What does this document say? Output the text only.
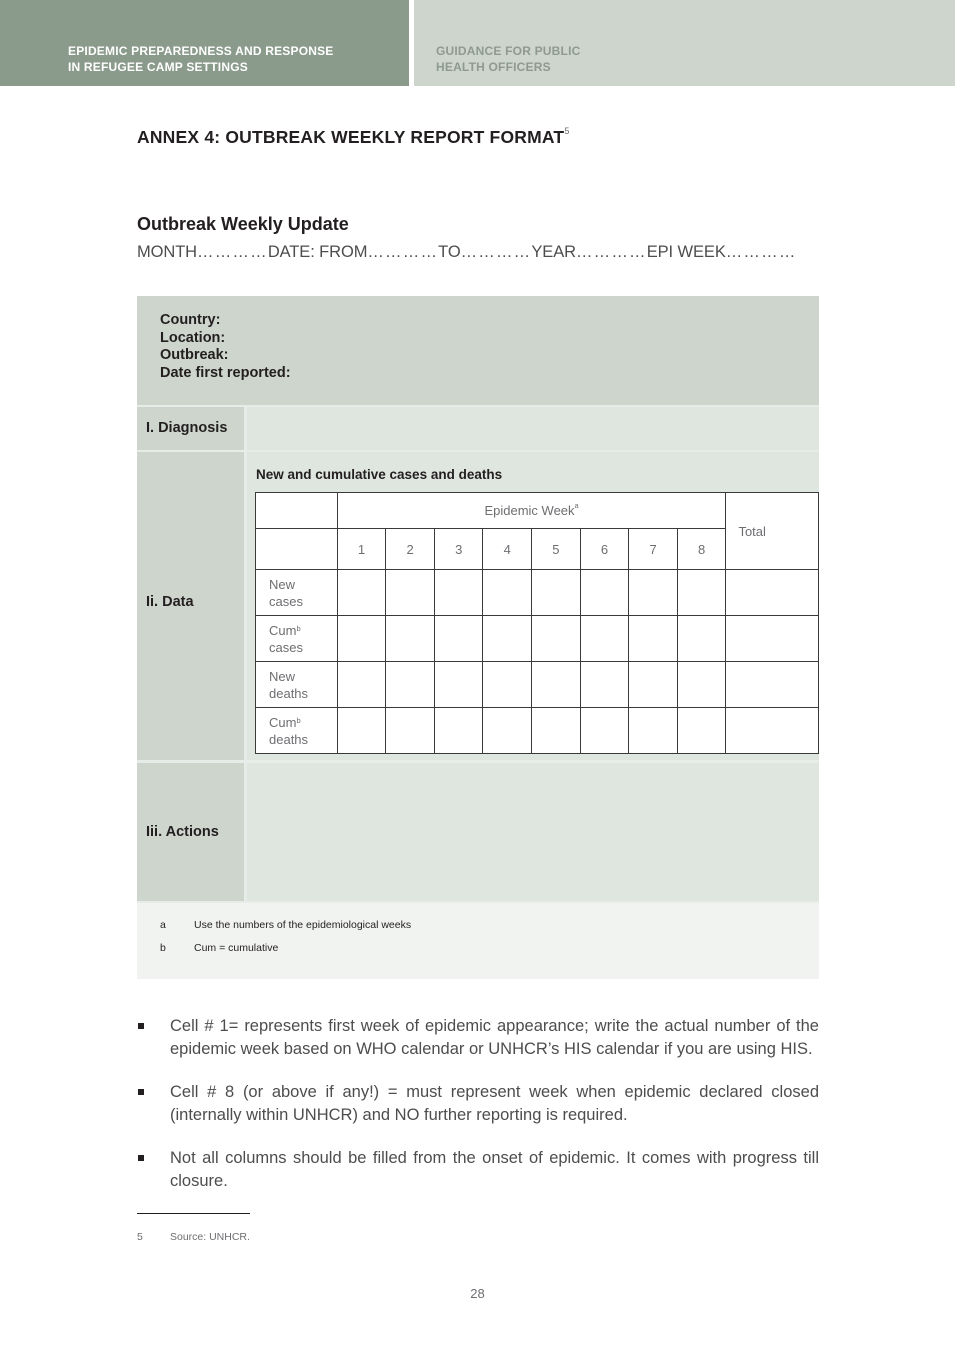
EPIDEMIC PREPAREDNESS AND RESPONSE
IN REFUGEE CAMP SETTINGS
GUIDANCE FOR PUBLIC
HEALTH OFFICERS
ANNEX 4: OUTBREAK WEEKLY REPORT FORMAT$^5$
Outbreak Weekly Update
MONTH…………DATE: FROM…………TO…………YEAR…………EPI WEEK…………
Country:
Location:
Outbreak:
Date first reported:
I. Diagnosis
Ii. Data
New and cumulative cases and deaths
	Epidemic Week$^a$								Total
	1	2	3	4	5	6	7	8	
New
cases									
Cum$^b$
cases									
New
deaths									
Cum$^b$
deaths									
Iii. Actions
a	Use the numbers of the epidemiological weeks
b	Cum = cumulative
Cell # 1= represents first week of epidemic appearance; write the actual number of the epidemic week based on WHO calendar or UNHCR’s HIS calendar if you are using HIS.
Cell # 8 (or above if any!) = must represent week when epidemic declared closed (internally within UNHCR) and NO further reporting is required.
Not all columns should be filled from the onset of epidemic. It comes with progress till closure.
5	Source: UNHCR.
28
